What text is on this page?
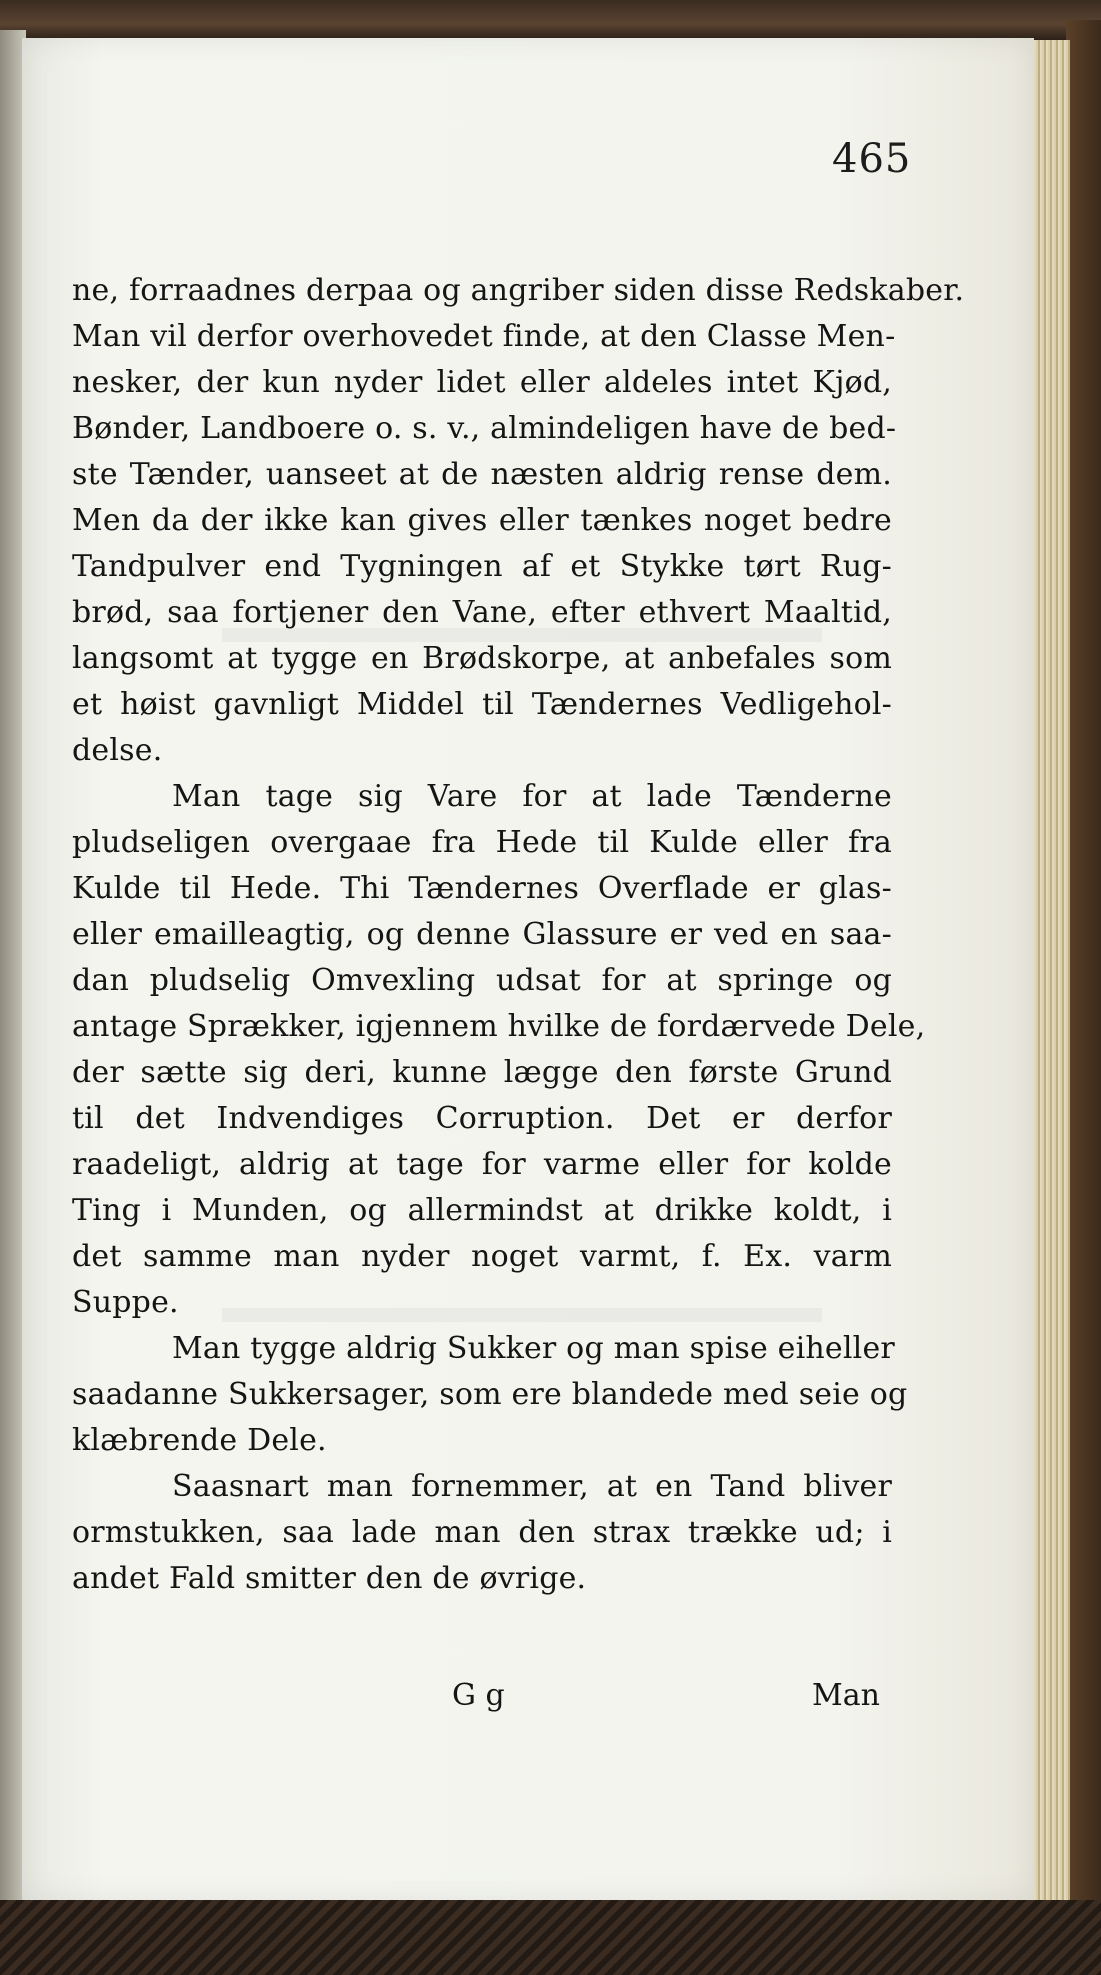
465
ne, forraadnes derpaa og angriber siden disse Redskaber.
Man vil derfor overhovedet finde, at den Classe Men-
nesker, der kun nyder lidet eller aldeles intet Kjød,
Bønder, Landboere o. s. v., almindeligen have de bed-
ste Tænder, uanseet at de næsten aldrig rense dem.
Men da der ikke kan gives eller tænkes noget bedre
Tandpulver end Tygningen af et Stykke tørt Rug-
brød, saa fortjener den Vane, efter ethvert Maaltid,
langsomt at tygge en Brødskorpe, at anbefales som
et høist gavnligt Middel til Tændernes Vedligehol-
delse.
Man tage sig Vare for at lade Tænderne
pludseligen overgaae fra Hede til Kulde eller fra
Kulde til Hede. Thi Tændernes Overflade er glas-
eller emailleagtig, og denne Glassure er ved en saa-
dan pludselig Omvexling udsat for at springe og
antage Sprækker, igjennem hvilke de fordærvede Dele,
der sætte sig deri, kunne lægge den første Grund
til det Indvendiges Corruption. Det er derfor
raadeligt, aldrig at tage for varme eller for kolde
Ting i Munden, og allermindst at drikke koldt, i
det samme man nyder noget varmt, f. Ex. varm
Suppe.
Man tygge aldrig Sukker og man spise eiheller
saadanne Sukkersager, som ere blandede med seie og
klæbrende Dele.
Saasnart man fornemmer, at en Tand bliver
ormstukken, saa lade man den strax trække ud; i
andet Fald smitter den de øvrige.
G g	Man
